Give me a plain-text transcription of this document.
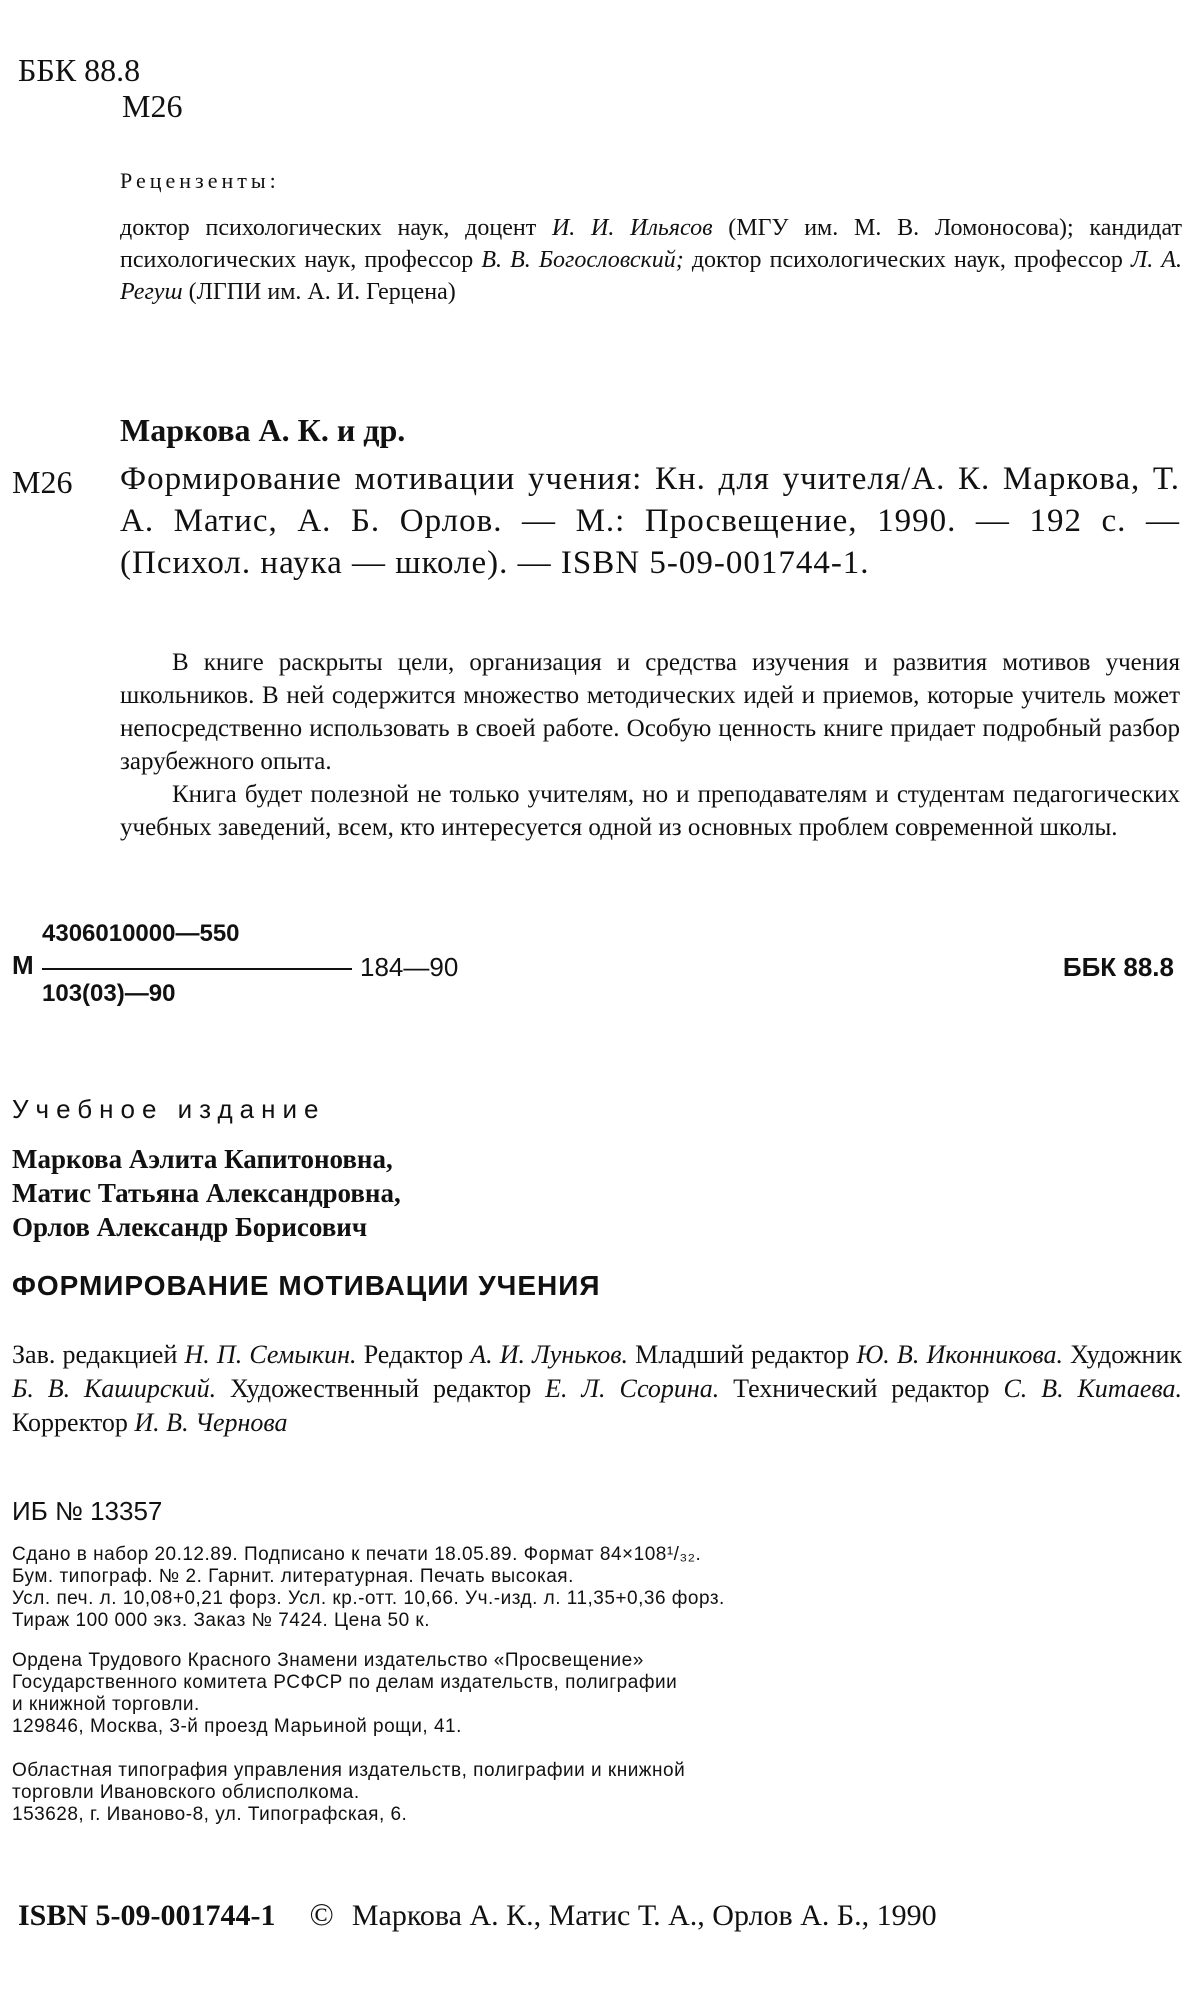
ББК 88.8
М26
Рецензенты:
доктор психологических наук, доцент И. И. Ильясов (МГУ им. М. В. Ломоносова); кандидат психологических наук, профессор В. В. Богословский; доктор психологических наук, профессор Л. А. Регуш (ЛГПИ им. А. И. Герцена)
Маркова А. К. и др.
М26 Формирование мотивации учения: Кн. для учителя/А. К. Маркова, Т. А. Матис, А. Б. Орлов. — М.: Просвещение, 1990. — 192 с. — (Психол. наука — школе). — ISBN 5-09-001744-1.

В книге раскрыты цели, организация и средства изучения и развития мотивов учения школьников. В ней содержится множество методических идей и приемов, которые учитель может непосредственно использовать в своей работе. Особую ценность книге придает подробный разбор зарубежного опыта.

Книга будет полезной не только учителям, но и преподавателям и студентам педагогических учебных заведений, всем, кто интересуется одной из основных проблем современной школы.

М
4306010000—550
184—90
103(03)—90
ББК 88.8
Учебное издание
Маркова Аэлита Капитоновна,
Матис Татьяна Александровна,
Орлов Александр Борисович
ФОРМИРОВАНИЕ МОТИВАЦИИ УЧЕНИЯ
Зав. редакцией Н. П. Семыкин. Редактор А. И. Луньков. Младший редактор Ю. В. Иконникова. Художник Б. В. Каширский. Художественный редактор Е. Л. Ссорина. Технический редактор С. В. Китаева. Корректор И. В. Чернова
ИБ № 13357
Сдано в набор 20.12.89. Подписано к печати 18.05.89. Формат 84×108¹/₃₂.
Бум. типограф. № 2. Гарнит. литературная. Печать высокая.
Усл. печ. л. 10,08+0,21 форз. Усл. кр.-отт. 10,66. Уч.-изд. л. 11,35+0,36 форз.
Тираж 100 000 экз. Заказ № 7424. Цена 50 к.
Ордена Трудового Красного Знамени издательство «Просвещение»
Государственного комитета РСФСР по делам издательств, полиграфии
и книжной торговли.
129846, Москва, 3-й проезд Марьиной рощи, 41.
Областная типография управления издательств, полиграфии и книжной
торговли Ивановского облисполкома.
153628, г. Иваново-8, ул. Типографская, 6.
ISBN 5-09-001744-1 © Маркова А. К., Матис Т. А., Орлов А. Б., 1990
